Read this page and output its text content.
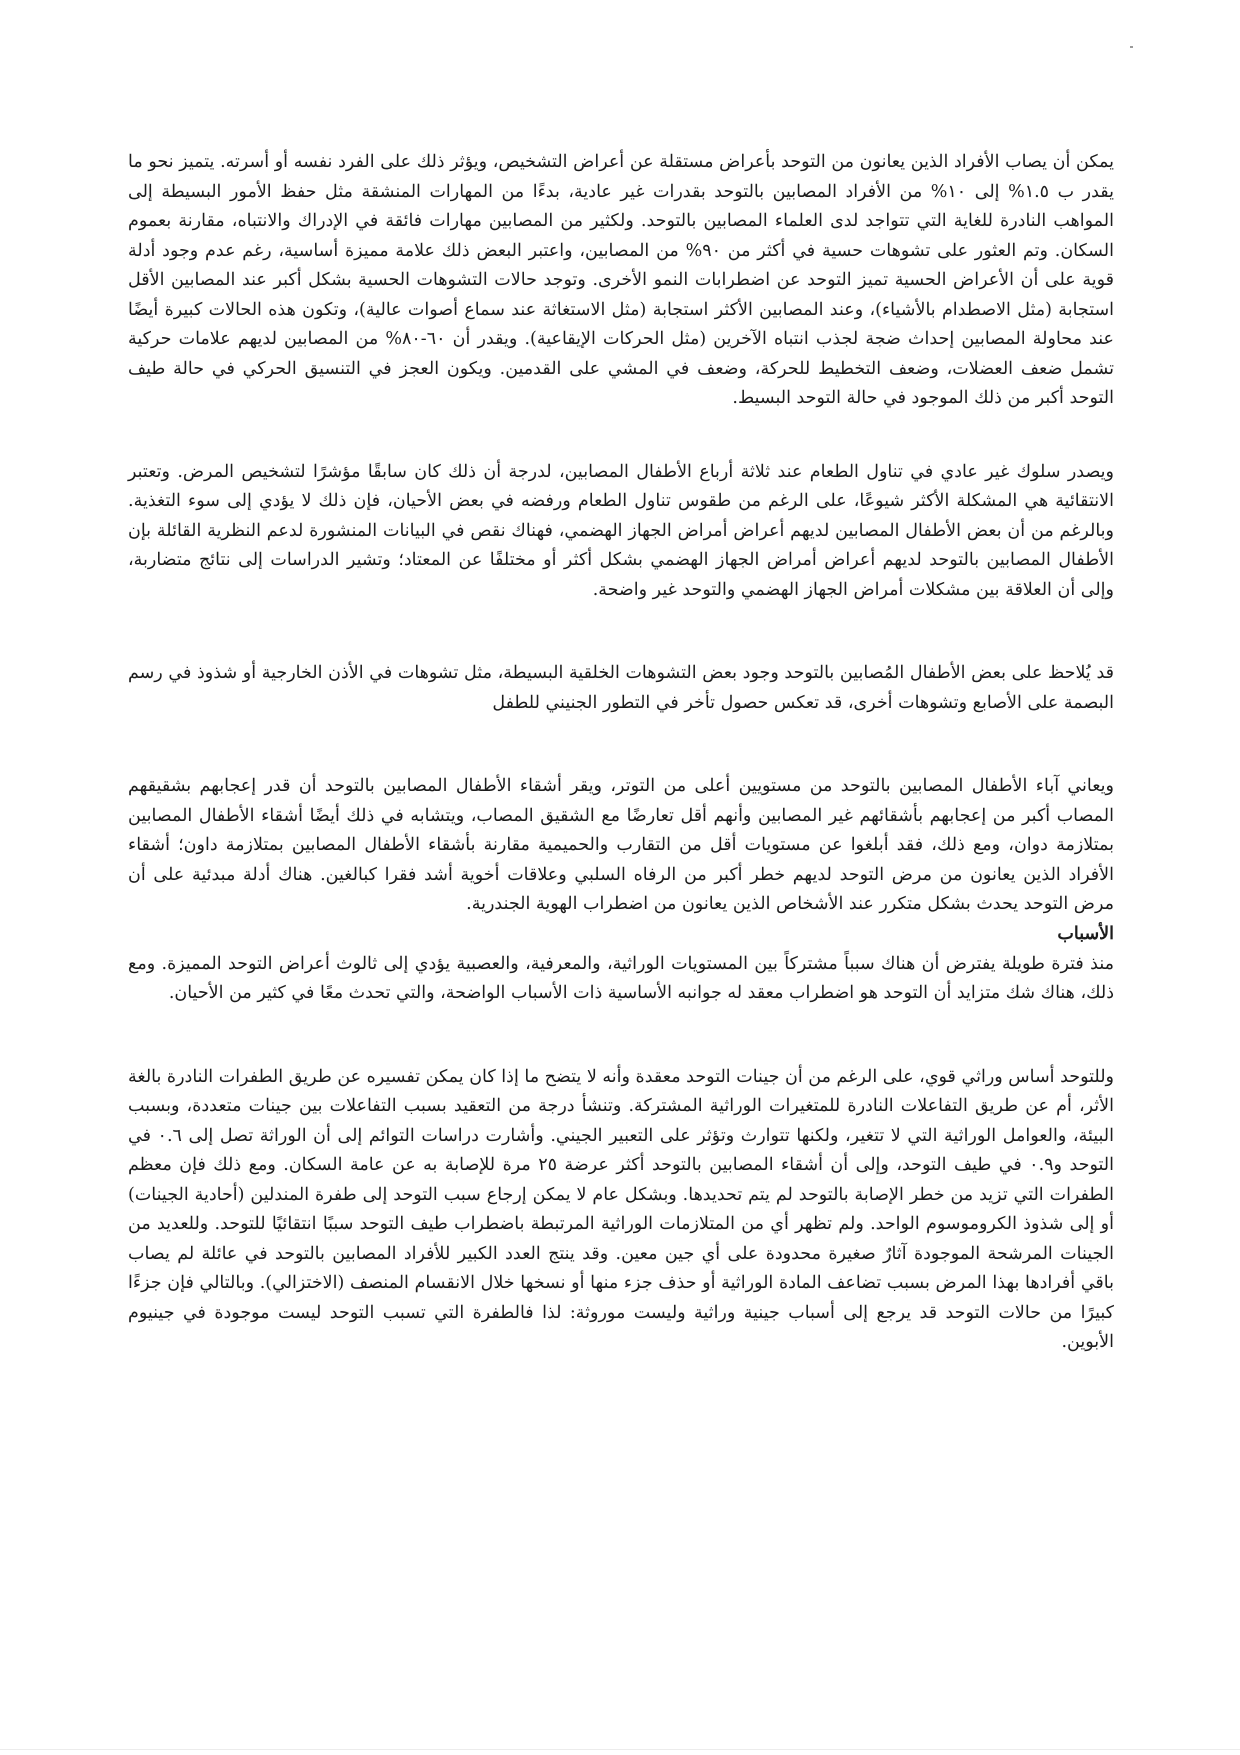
يمكن أن يصاب الأفراد الذين يعانون من التوحد بأعراض مستقلة عن أعراض التشخيص، ويؤثر ذلك على الفرد نفسه أو أسرته. يتميز نحو ما يقدر ب ١.٥% إلى ١٠% من الأفراد المصابين بالتوحد بقدرات غير عادية، بدءًا من المهارات المنشقة مثل حفظ الأمور البسيطة إلى المواهب النادرة للغاية التي تتواجد لدى العلماء المصابين بالتوحد. ولكثير من المصابين مهارات فائقة في الإدراك والانتباه، مقارنة بعموم السكان. وتم العثور على تشوهات حسية في أكثر من ٩٠% من المصابين، واعتبر البعض ذلك علامة مميزة أساسية، رغم عدم وجود أدلة قوية على أن الأعراض الحسية تميز التوحد عن اضطرابات النمو الأخرى. وتوجد حالات التشوهات الحسية بشكل أكبر عند المصابين الأقل استجابة (مثل الاصطدام بالأشياء)، وعند المصابين الأكثر استجابة (مثل الاستغاثة عند سماع أصوات عالية)، وتكون هذه الحالات كبيرة أيضًا عند محاولة المصابين إحداث ضجة لجذب انتباه الآخرين (مثل الحركات الإيقاعية). ويقدر أن ٦٠-٨٠% من المصابين لديهم علامات حركية تشمل ضعف العضلات، وضعف التخطيط للحركة، وضعف في المشي على القدمين. ويكون العجز في التنسيق الحركي في حالة طيف التوحد أكبر من ذلك الموجود في حالة التوحد البسيط.

ويصدر سلوك غير عادي في تناول الطعام عند ثلاثة أرباع الأطفال المصابين، لدرجة أن ذلك كان سابقًا مؤشرًا لتشخيص المرض. وتعتبر الانتقائية هي المشكلة الأكثر شيوعًا، على الرغم من طقوس تناول الطعام ورفضه في بعض الأحيان، فإن ذلك لا يؤدي إلى سوء التغذية. وبالرغم من أن بعض الأطفال المصابين لديهم أعراض أمراض الجهاز الهضمي، فهناك نقص في البيانات المنشورة لدعم النظرية القائلة بإن الأطفال المصابين بالتوحد لديهم أعراض أمراض الجهاز الهضمي بشكل أكثر أو مختلفًا عن المعتاد؛ وتشير الدراسات إلى نتائج متضاربة، وإلى أن العلاقة بين مشكلات أمراض الجهاز الهضمي والتوحد غير واضحة.

قد يُلاحظ على بعض الأطفال المُصابين بالتوحد وجود بعض التشوهات الخلقية البسيطة، مثل تشوهات في الأذن الخارجية أو شذوذ في رسم البصمة على الأصابع وتشوهات أخرى، قد تعكس حصول تأخر في التطور الجنيني للطفل

ويعاني آباء الأطفال المصابين بالتوحد من مستويين أعلى من التوتر، ويقر أشقاء الأطفال المصابين بالتوحد أن قدر إعجابهم بشقيقهم المصاب أكبر من إعجابهم بأشقائهم غير المصابين وأنهم أقل تعارضًا مع الشقيق المصاب، ويتشابه في ذلك أيضًا أشقاء الأطفال المصابين بمتلازمة دوان، ومع ذلك، فقد أبلغوا عن مستويات أقل من التقارب والحميمية مقارنة بأشقاء الأطفال المصابين بمتلازمة داون؛ أشقاء الأفراد الذين يعانون من مرض التوحد لديهم خطر أكبر من الرفاه السلبي وعلاقات أخوية أشد فقرا كبالغين. هناك أدلة مبدئية على أن مرض التوحد يحدث بشكل متكرر عند الأشخاص الذين يعانون من اضطراب الهوية الجندرية.

الأسباب

منذ فترة طويلة يفترض أن هناك سبباً مشتركاً بين المستويات الوراثية، والمعرفية، والعصبية يؤدي إلى ثالوث أعراض التوحد المميزة. ومع ذلك، هناك شك متزايد أن التوحد هو اضطراب معقد له جوانبه الأساسية ذات الأسباب الواضحة، والتي تحدث معًا في كثير من الأحيان.

وللتوحد أساس وراثي قوي، على الرغم من أن جينات التوحد معقدة وأنه لا يتضح ما إذا كان يمكن تفسيره عن طريق الطفرات النادرة بالغة الأثر، أم عن طريق التفاعلات النادرة للمتغيرات الوراثية المشتركة. وتنشأ درجة من التعقيد بسبب التفاعلات بين جينات متعددة، وبسبب البيئة، والعوامل الوراثية التي لا تتغير، ولكنها تتوارث وتؤثر على التعبير الجيني. وأشارت دراسات التوائم إلى أن الوراثة تصل إلى ٠.٦ في التوحد و٠.٩ في طيف التوحد، وإلى أن أشقاء المصابين بالتوحد أكثر عرضة ٢٥ مرة للإصابة به عن عامة السكان. ومع ذلك فإن معظم الطفرات التي تزيد من خطر الإصابة بالتوحد لم يتم تحديدها. وبشكل عام لا يمكن إرجاع سبب التوحد إلى طفرة المندلين (أحادية الجينات) أو إلى شذوذ الكروموسوم الواحد. ولم تظهر أي من المتلازمات الوراثية المرتبطة باضطراب طيف التوحد سببًا انتقائيًا للتوحد. وللعديد من الجينات المرشحة الموجودة آثارٌ صغيرة محدودة على أي جين معين. وقد ينتج العدد الكبير للأفراد المصابين بالتوحد في عائلة لم يصاب باقي أفرادها بهذا المرض بسبب تضاعف المادة الوراثية أو حذف جزء منها أو نسخها خلال الانقسام المنصف (الاختزالي). وبالتالي فإن جزءًا كبيرًا من حالات التوحد قد يرجع إلى أسباب جينية وراثية وليست موروثة: لذا فالطفرة التي تسبب التوحد ليست موجودة في جينيوم الأبوين.
